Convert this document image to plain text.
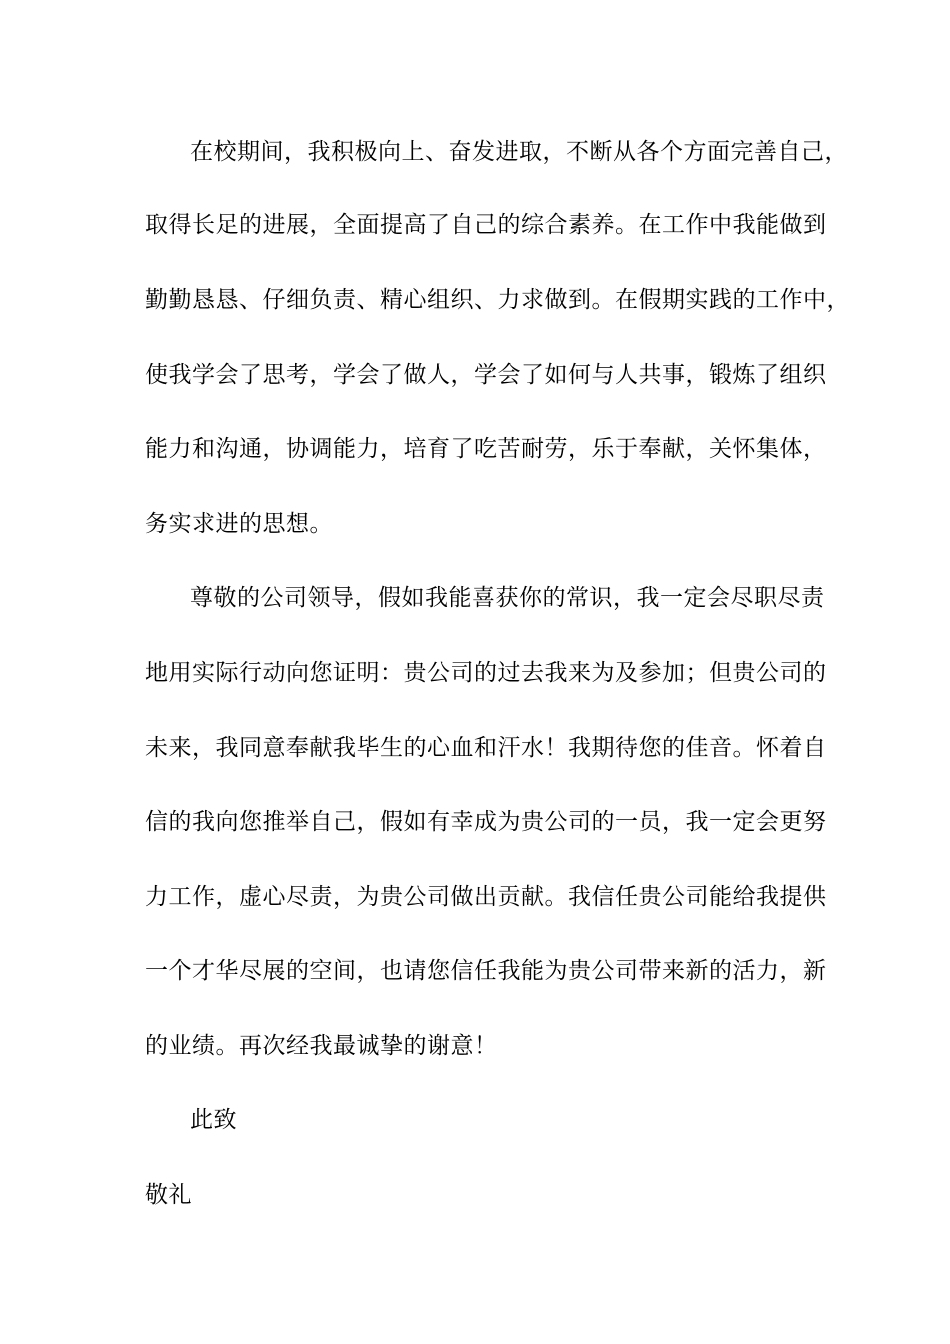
在校期间，我积极向上、奋发进取，不断从各个方面完善自己，
取得长足的进展，全面提高了自己的综合素养。在工作中我能做到
勤勤恳恳、仔细负责、精心组织、力求做到。在假期实践的工作中，
使我学会了思考，学会了做人，学会了如何与人共事，锻炼了组织
能力和沟通，协调能力，培育了吃苦耐劳，乐于奉献，关怀集体，
务实求进的思想。
尊敬的公司领导，假如我能喜获你的常识，我一定会尽职尽责
地用实际行动向您证明：贵公司的过去我来为及参加；但贵公司的
未来，我同意奉献我毕生的心血和汗水！我期待您的佳音。怀着自
信的我向您推举自己，假如有幸成为贵公司的一员，我一定会更努
力工作，虚心尽责，为贵公司做出贡献。我信任贵公司能给我提供
一个才华尽展的空间，也请您信任我能为贵公司带来新的活力，新
的业绩。再次经我最诚挚的谢意！
此致
敬礼
